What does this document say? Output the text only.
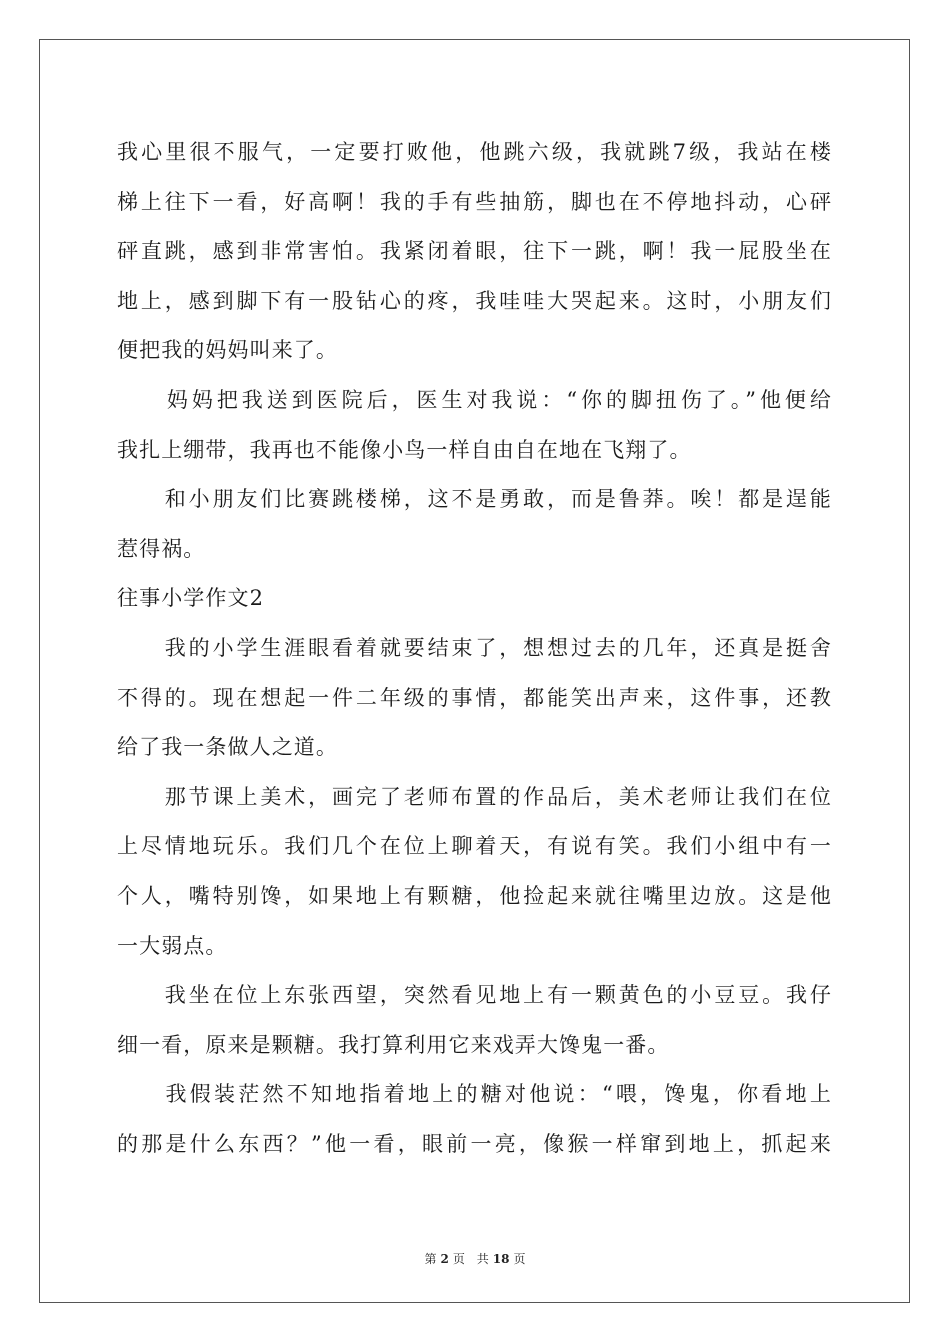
我心里很不服气，一定要打败他，他跳六级，我就跳7级，我站在楼
梯上往下一看，好高啊！我的手有些抽筋，脚也在不停地抖动，心砰
砰直跳，感到非常害怕。我紧闭着眼，往下一跳，啊！我一屁股坐在
地上，感到脚下有一股钻心的疼，我哇哇大哭起来。这时，小朋友们
便把我的妈妈叫来了。
　　妈妈把我送到医院后，医生对我说：“你的脚扭伤了。”他便给
我扎上绷带，我再也不能像小鸟一样自由自在地在飞翔了。
　　和小朋友们比赛跳楼梯，这不是勇敢，而是鲁莽。唉！都是逞能
惹得祸。
往事小学作文2
　　我的小学生涯眼看着就要结束了，想想过去的几年，还真是挺舍
不得的。现在想起一件二年级的事情，都能笑出声来，这件事，还教
给了我一条做人之道。
　　那节课上美术，画完了老师布置的作品后，美术老师让我们在位
上尽情地玩乐。我们几个在位上聊着天，有说有笑。我们小组中有一
个人，嘴特别馋，如果地上有颗糖，他捡起来就往嘴里边放。这是他
一大弱点。
　　我坐在位上东张西望，突然看见地上有一颗黄色的小豆豆。我仔
细一看，原来是颗糖。我打算利用它来戏弄大馋鬼一番。
　　我假装茫然不知地指着地上的糖对他说：“喂，馋鬼，你看地上
的那是什么东西？”他一看，眼前一亮，像猴一样窜到地上，抓起来
第 2 页 共 18 页
